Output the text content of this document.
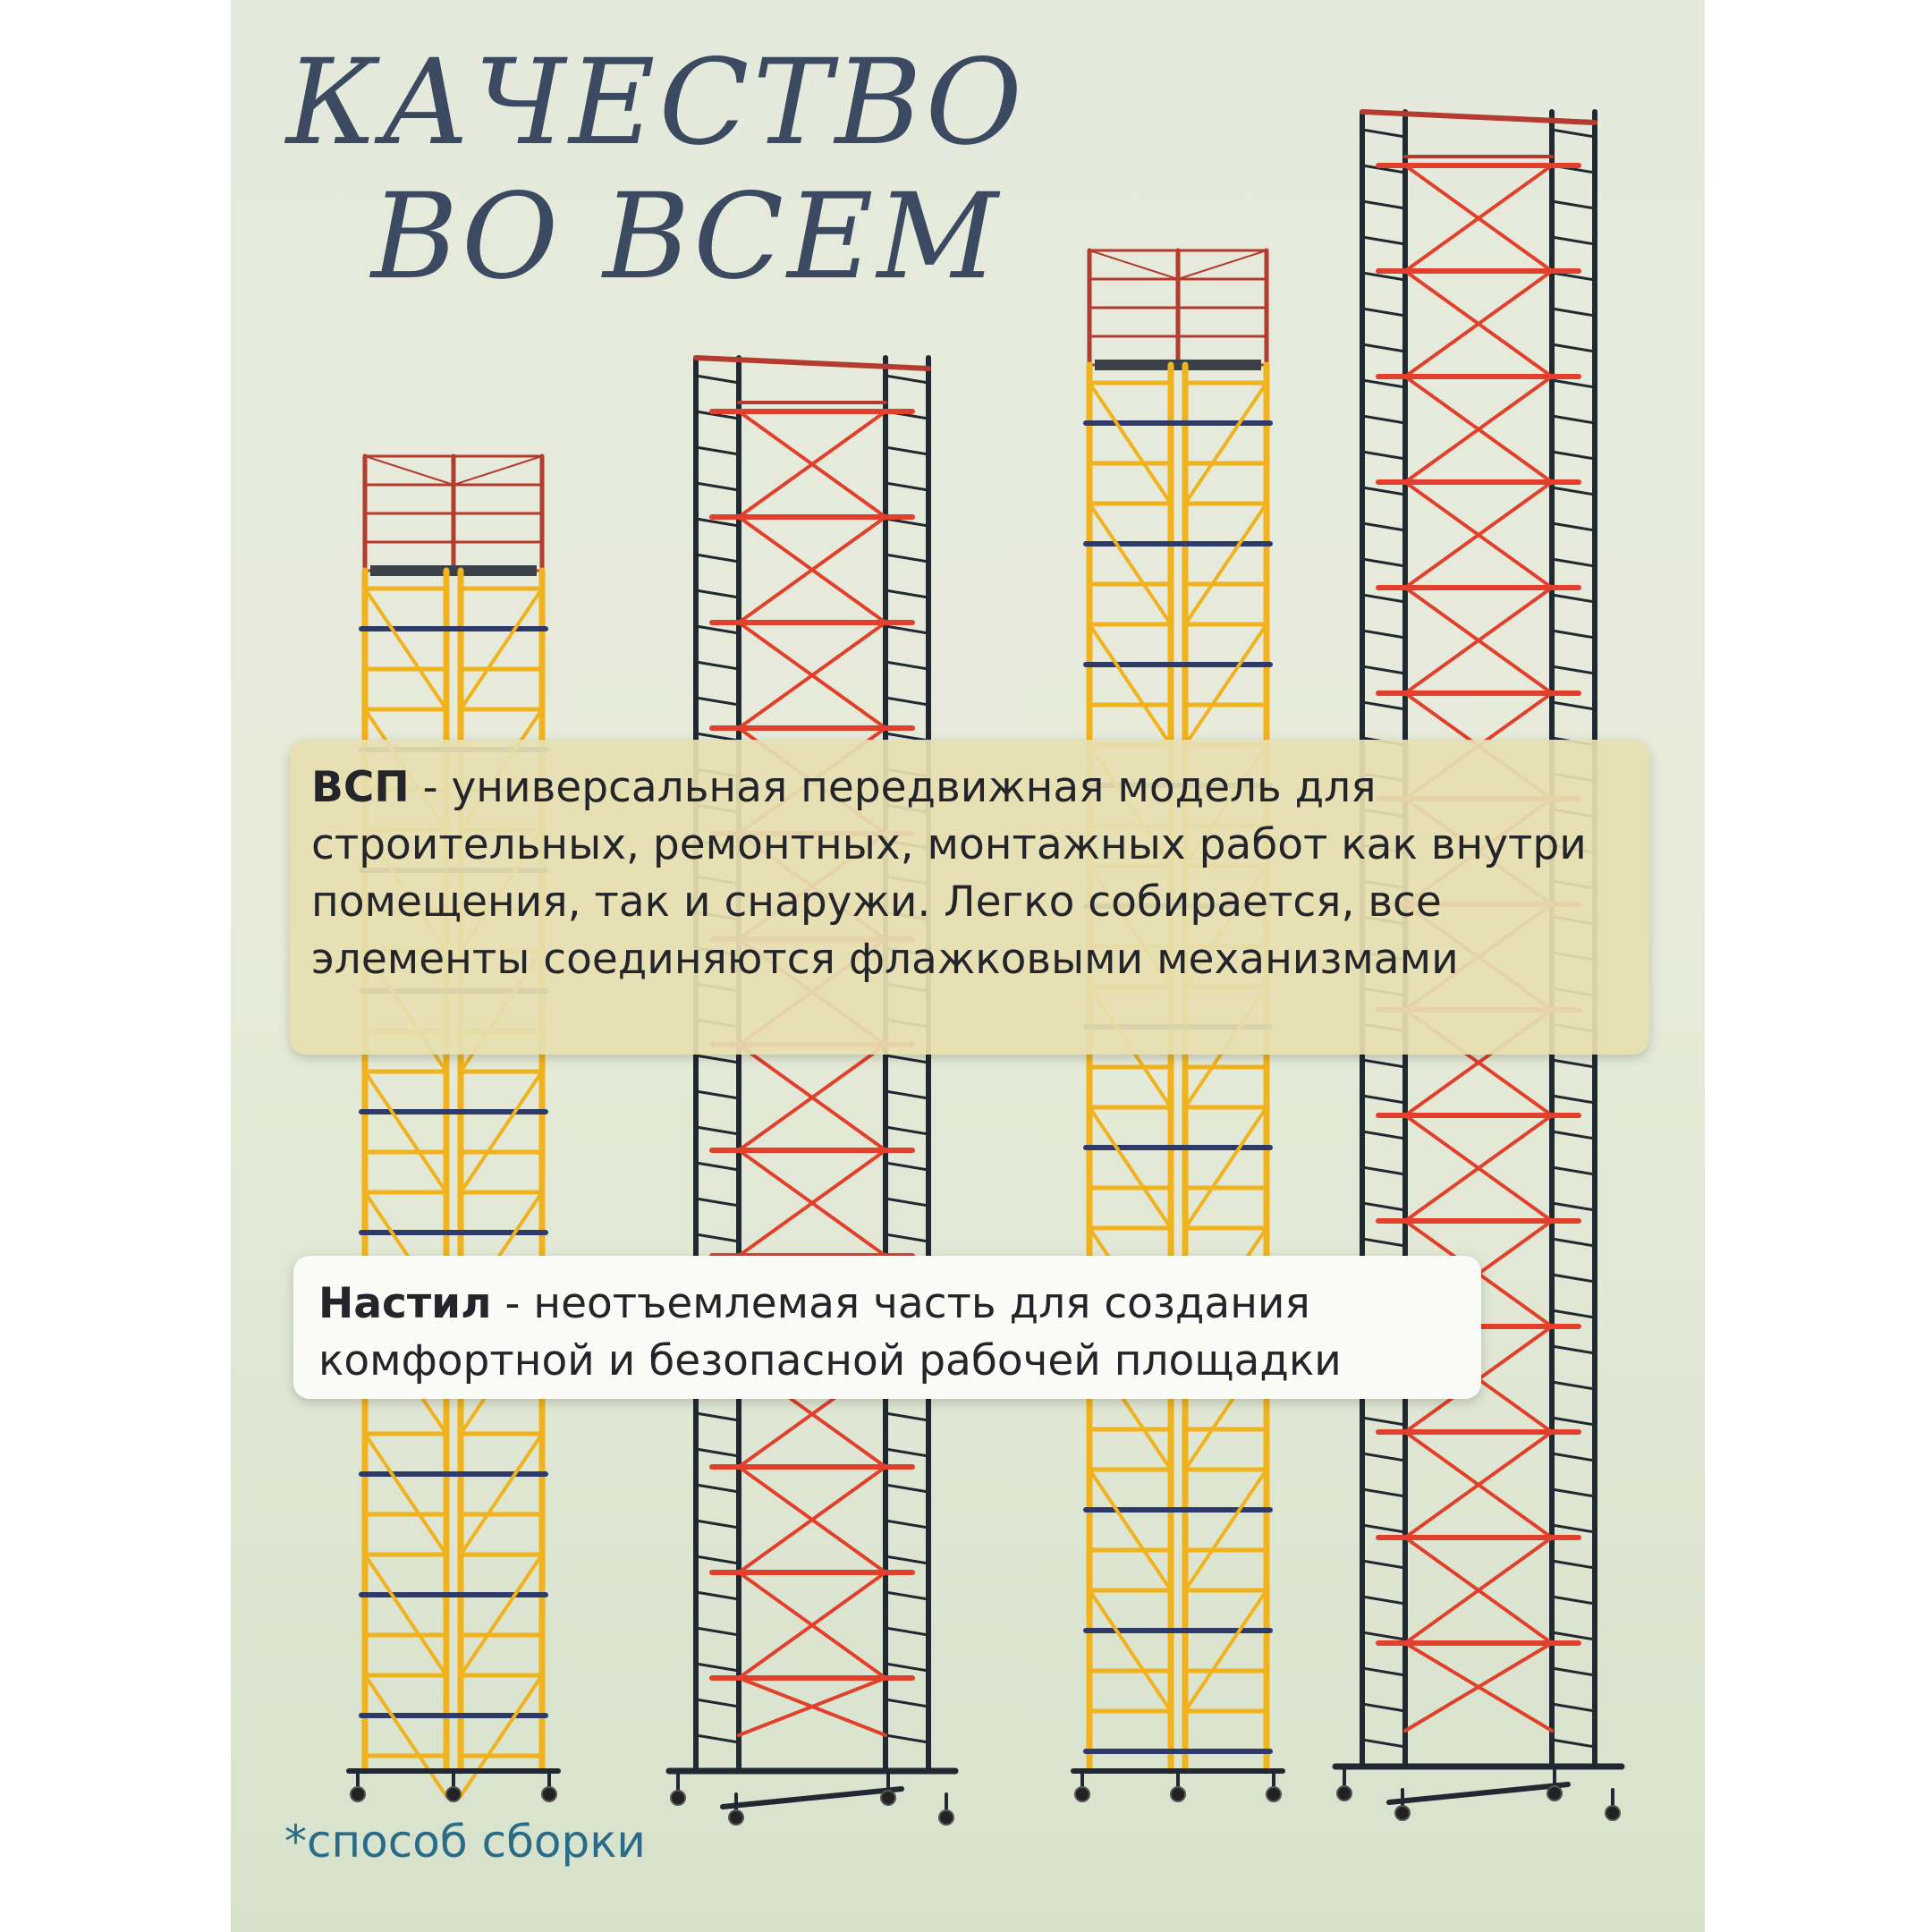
КАЧЕСТВО
ВО ВСЕМ

ВСП - универсальная передвижная модель для строительных, ремонтных, монтажных работ как внутри помещения, так и снаружи. Легко собирается, все элементы соединяются флажковыми механизмами

Настил - неотъемлемая часть для создания комфортной и безопасной рабочей площадки

*способ сборки
